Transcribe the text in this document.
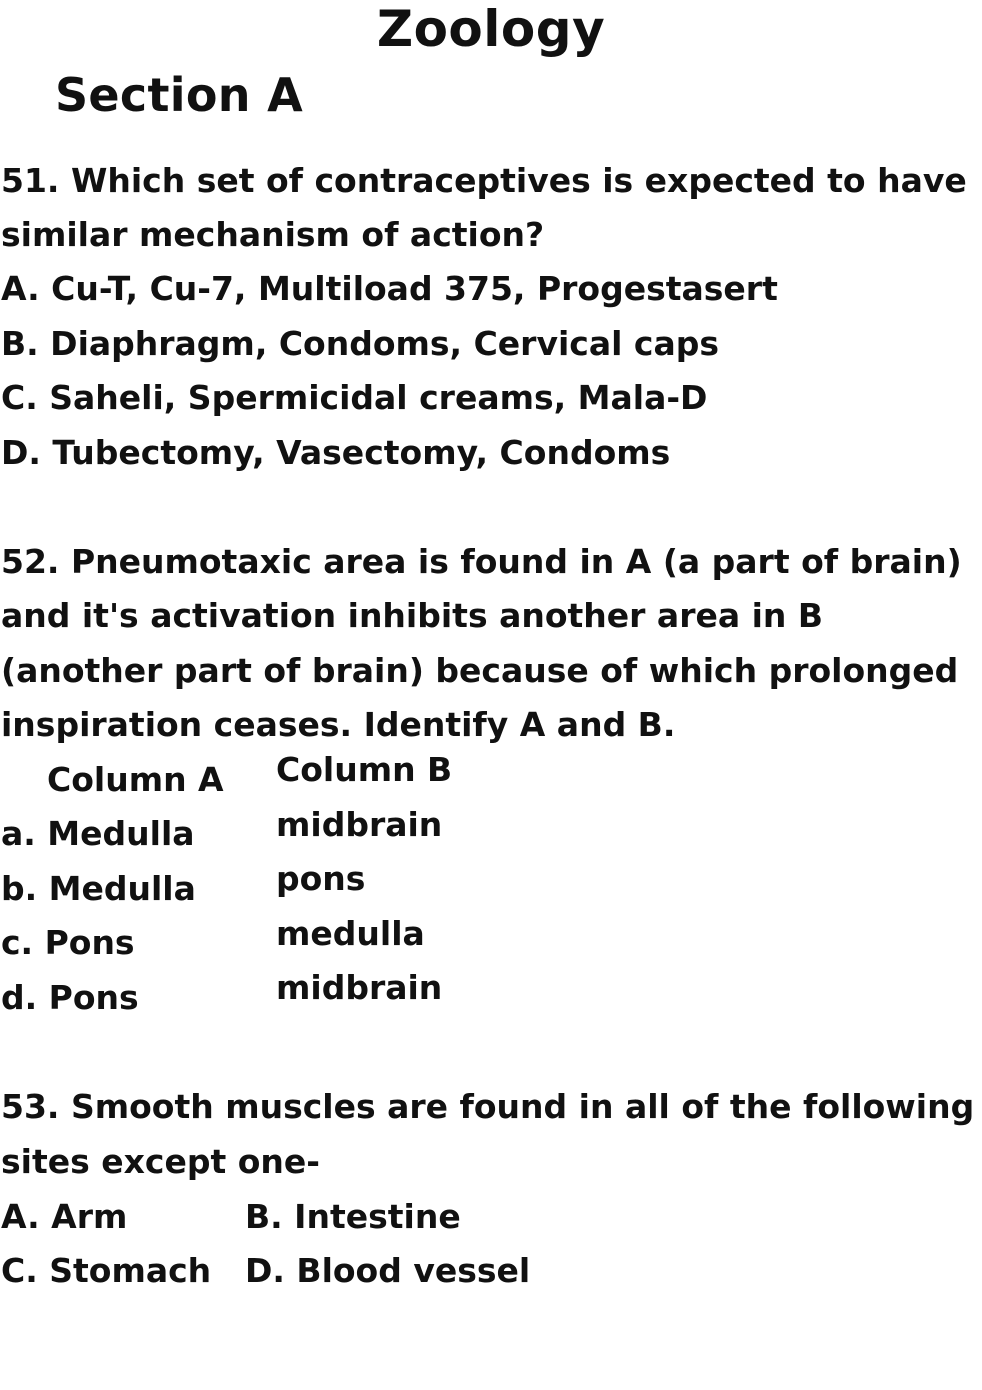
Zoology
Section A

51. Which set of contraceptives is expected to have

similar mechanism of action?

A. Cu-T, Cu-7, Multiload 375, Progestasert

B. Diaphragm, Condoms, Cervical caps

C. Saheli, Spermicidal creams, Mala-D

D. Tubectomy, Vasectomy, Condoms

52. Pneumotaxic area is found in A (a part of brain)

and it's activation inhibits another area in B

(another part of brain) because of which prolonged

inspiration ceases. Identify A and B.

Column A Column B

a. Medulla midbrain

b. Medulla pons

c. Pons	medulla

d. Pons	midbrain

53. Smooth muscles are found in all of the following

sites except one-

A. Arm	B. Intestine

C. Stomach D. Blood vessel
